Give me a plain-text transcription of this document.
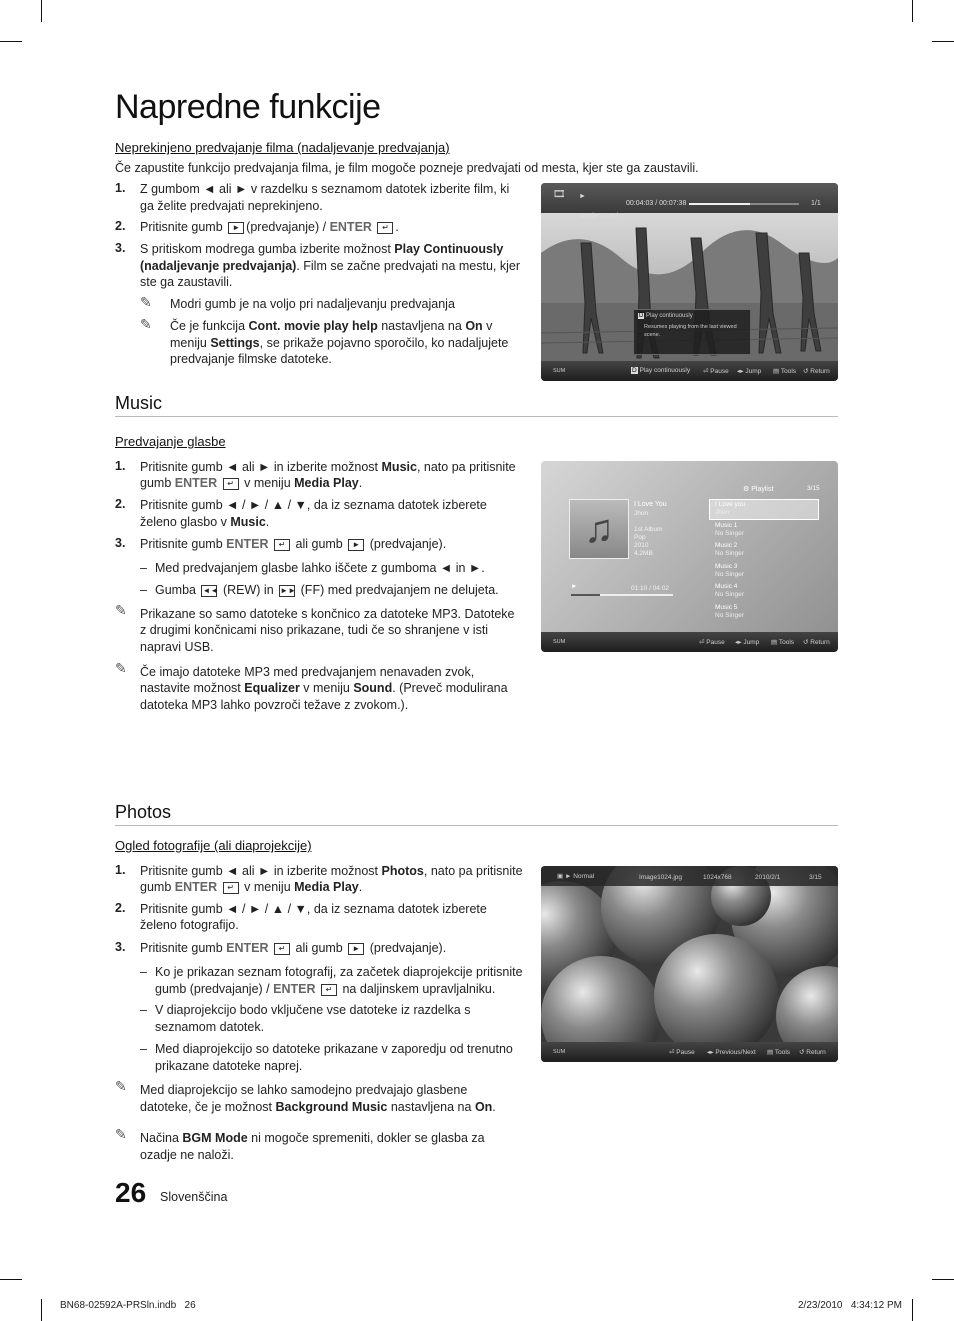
Napredne funkcije
Neprekinjeno predvajanje filma (nadaljevanje predvajanja)
Če zapustite funkcijo predvajanja filma, je film mogoče pozneje predvajati od mesta, kjer ste ga zaustavili.
1. Z gumbom ◄ ali ► v razdelku s seznamom datotek izberite film, ki
ga želite predvajati neprekinjeno.
2. Pritisnite gumb ► (predvajanje) / ENTER ↵ .
3. S pritiskom modrega gumba izberite možnost Play Continuously
(nadaljevanje predvajanja). Film se začne predvajati na mestu, kjer
ste ga zaustavili.
✎ Modri gumb je na voljo pri nadaljevanju predvajanja
✎ Če je funkcija Cont. movie play help nastavljena na On v
meniju Settings, se prikaže pojavno sporočilo, ko nadaljujete
predvajanje filmske datoteke.
🎞 ►
00:04:03 / 00:07:38	1/1
Movie 01.avi
D Play continuously
Resumes playing from the last viewed
scene.
SUM	D Play continuously ⏎ Pause ◂▸ Jump ▤ Tools ↺ Return
Music
Predvajanje glasbe
1. Pritisnite gumb ◄ ali ► in izberite možnost Music, nato pa pritisnite
gumb ENTER ↵ v meniju Media Play.
2. Pritisnite gumb ◄ / ► / ▲ / ▼, da iz seznama datotek izberete
želeno glasbo v Music.
3. Pritisnite gumb ENTER ↵ ali gumb ► (predvajanje).
– Med predvajanjem glasbe lahko iščete z gumboma ◄ in ►.
– Gumba ◄◄ (REW) in ►► (FF) med predvajanjem ne delujeta.
✎ Prikazane so samo datoteke s končnico za datoteke MP3. Datoteke
z drugimi končnicami niso prikazane, tudi če so shranjene v isti
napravi USB.
✎ Če imajo datoteke MP3 med predvajanjem nenavaden zvok,
nastavite možnost Equalizer v meniju Sound. (Preveč modulirana
datoteka MP3 lahko povzroči težave z zvokom.).
♫
I Love You
Jhon
1st Album
Pop
2010
4.2MB
►	01:10 / 04:02
⚙ Playlist	3/15
SUM	⏎ Pause ◂▸ Jump ▤ Tools ↺ Return
I Love you
Jhon
Music 1
No Singer
Music 2
No Singer
Music 3
No Singer
Music 4
No Singer
Music 5
No Singer
Photos
Ogled fotografije (ali diaprojekcije)
1. Pritisnite gumb ◄ ali ► in izberite možnost Photos, nato pa pritisnite
gumb ENTER ↵ v meniju Media Play.
2. Pritisnite gumb ◄ / ► / ▲ / ▼, da iz seznama datotek izberete
želeno fotografijo.
3. Pritisnite gumb ENTER ↵ ali gumb ► (predvajanje).
– Ko je prikazan seznam fotografij, za začetek diaprojekcije pritisnite
gumb (predvajanje) / ENTER ↵ na daljinskem upravljalniku.
– V diaprojekcijo bodo vključene vse datoteke iz razdelka s
seznamom datotek.
– Med diaprojekcijo so datoteke prikazane v zaporedju od trenutno
prikazane datoteke naprej.
✎ Med diaprojekcijo se lahko samodejno predvajajo glasbene
datoteke, če je možnost Background Music nastavljena na On.
✎ Načina BGM Mode ni mogoče spremeniti, dokler se glasba za
ozadje ne naloži.
▣ ► Normal	Image1024.jpg	1024x768	2010/2/1	3/15
SUM	⏎ Pause ◂▸ Previous/Next ▤ Tools ↺ Return
26 Slovenščina
BN68-02592A-PRSln.indb   26	2/23/2010   4:34:12 PM
